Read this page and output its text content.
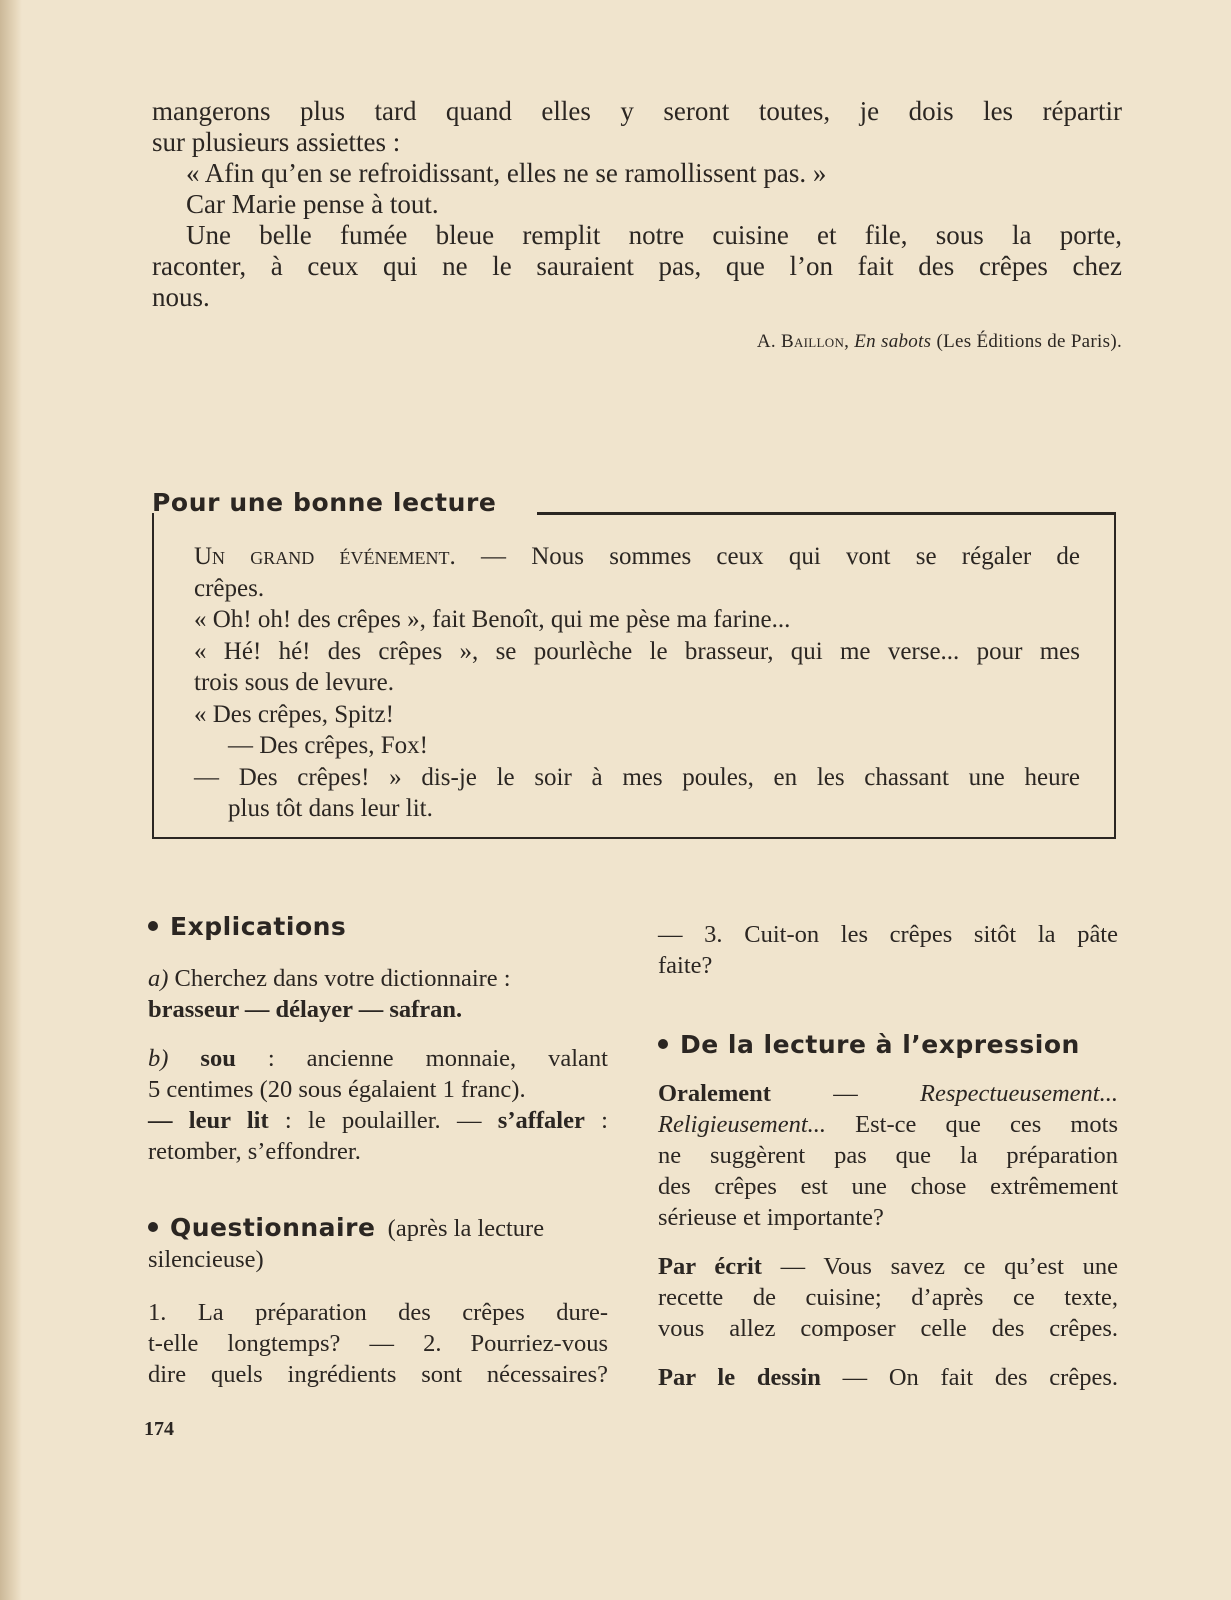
mangerons plus tard quand elles y seront toutes, je dois les répartir

sur plusieurs assiettes :

« Afin qu’en se refroidissant, elles ne se ramollissent pas. »

Car Marie pense à tout.

Une belle fumée bleue remplit notre cuisine et file, sous la porte,

raconter, à ceux qui ne le sauraient pas, que l’on fait des crêpes chez

nous.

A. Baillon, En sabots (Les Éditions de Paris).
Pour une bonne lecture

Un grand événement. — Nous sommes ceux qui vont se régaler de

crêpes.

« Oh! oh! des crêpes », fait Benoît, qui me pèse ma farine...

« Hé! hé! des crêpes », se pourlèche le brasseur, qui me verse... pour mes

trois sous de levure.

« Des crêpes, Spitz!

— Des crêpes, Fox!

— Des crêpes! » dis-je le soir à mes poules, en les chassant une heure

plus tôt dans leur lit.

Explications

a) Cherchez dans votre dictionnaire :

brasseur — délayer — safran.

b) sou : ancienne monnaie, valant

5 centimes (20 sous égalaient 1 franc).

— leur lit : le poulailler. — s’affaler :

retomber, s’effondrer.

Questionnaire (après la lecture

silencieuse)

1. La préparation des crêpes dure-

t-elle longtemps? — 2. Pourriez-vous

dire quels ingrédients sont nécessaires?

174

— 3. Cuit-on les crêpes sitôt la pâte

faite?

De la lecture à l’expression

Oralement — Respectueusement...

Religieusement... Est-ce que ces mots

ne suggèrent pas que la préparation

des crêpes est une chose extrêmement

sérieuse et importante?

Par écrit — Vous savez ce qu’est une

recette de cuisine; d’après ce texte,

vous allez composer celle des crêpes.

Par le dessin — On fait des crêpes.
